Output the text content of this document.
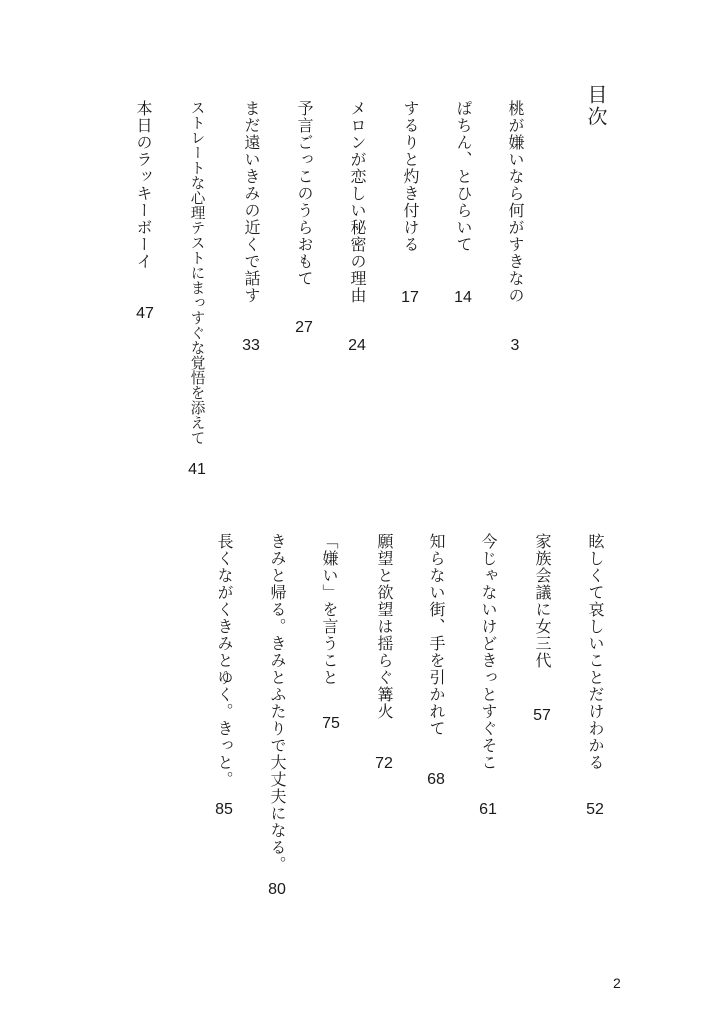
目次
桃が嫌いなら何がすきなの
3
ぱちん、とひらいて
14
するりと灼き付ける
17
メロンが恋しい秘密の理由
24
予言ごっこのうらおもて
27
まだ遠いきみの近くで話す
33
ストレートな心理テストにまっすぐな覚悟を添えて
41
本日のラッキーボーイ
47
眩しくて哀しいことだけわかる
52
家族会議に女三代
57
今じゃないけどきっとすぐそこ
61
知らない街、手を引かれて
68
願望と欲望は揺らぐ篝火
72
「嫌い」を言うこと
75
きみと帰る。きみとふたりで大丈夫になる。
80
長くながくきみとゆく。きっと。
85
2
